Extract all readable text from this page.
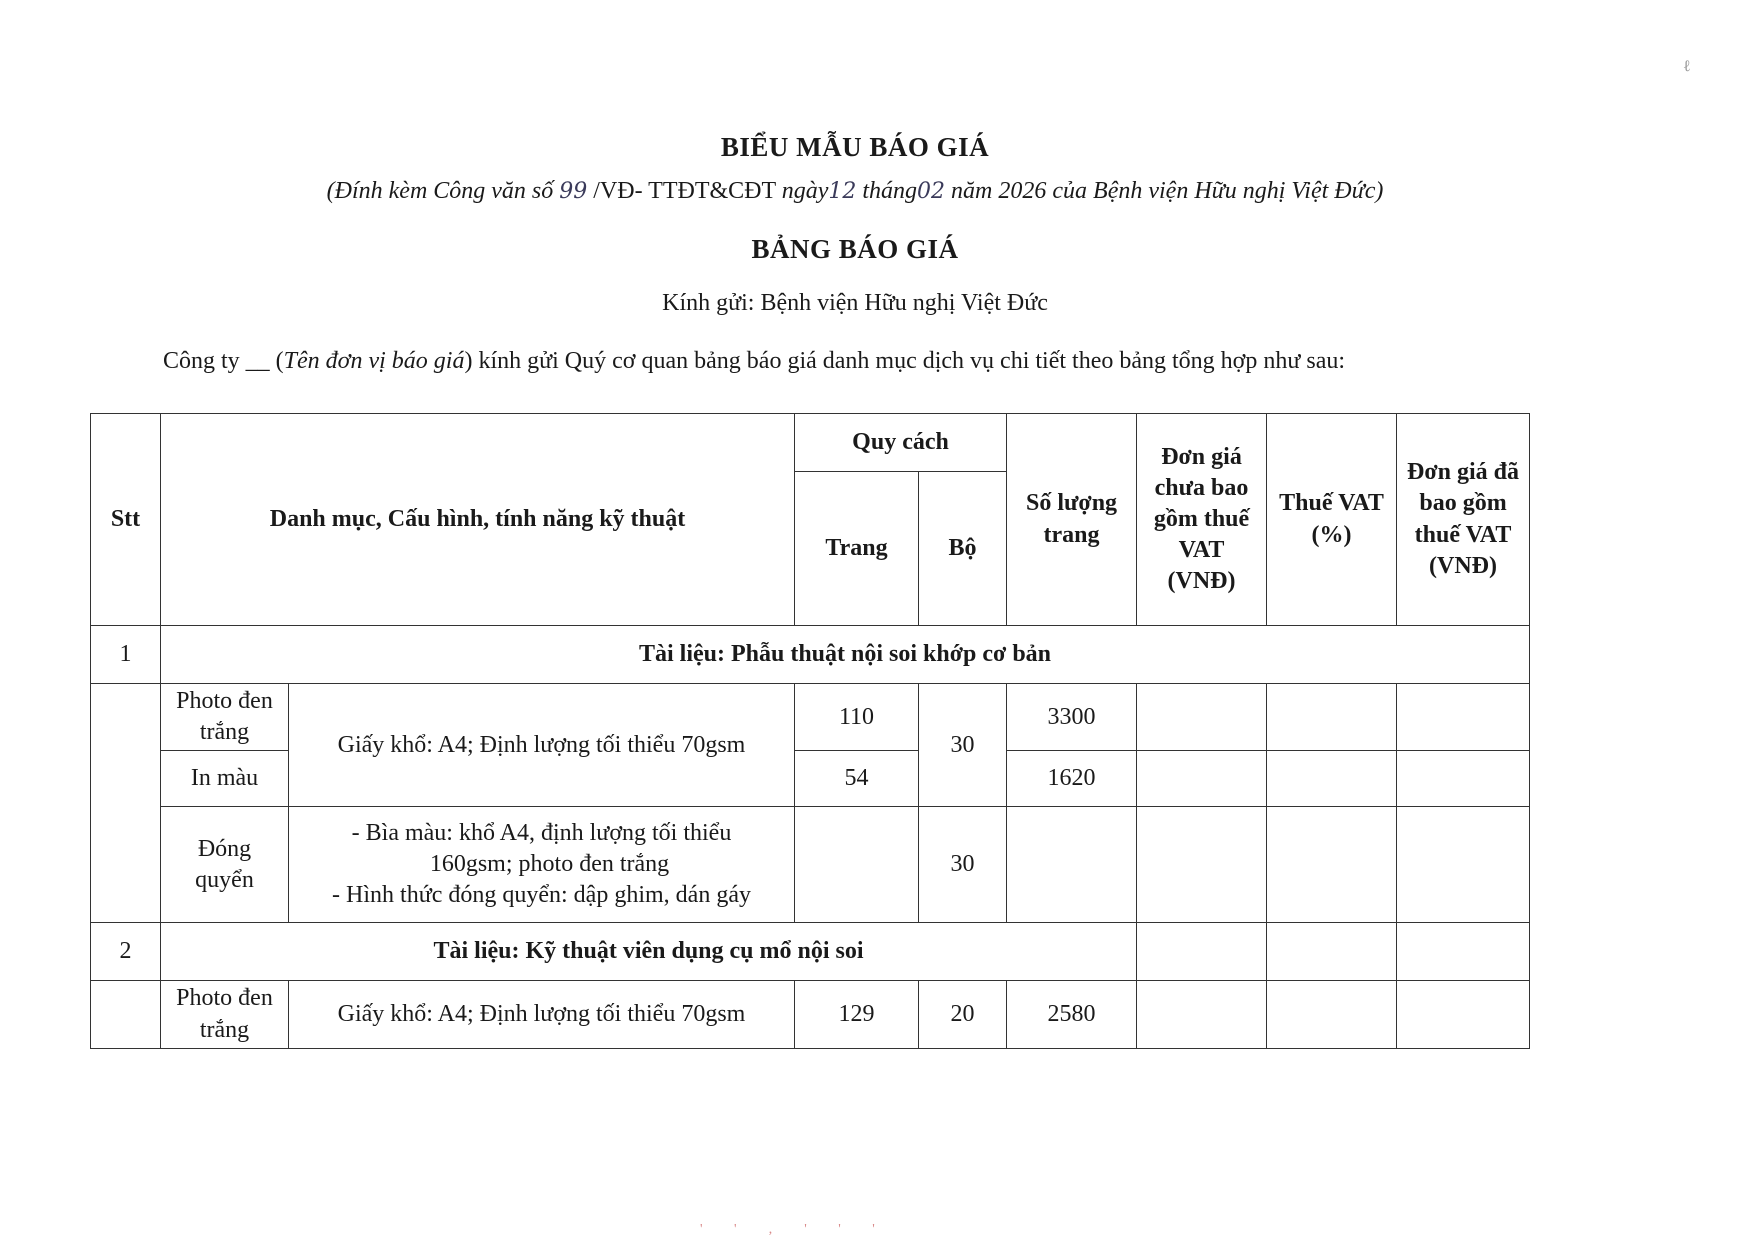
ℓ
BIỂU MẪU BÁO GIÁ
(Đính kèm Công văn số 99 /VĐ- TTĐT&CĐT ngày12 tháng02 năm 2026 của Bệnh viện Hữu nghị Việt Đức)
BẢNG BÁO GIÁ
Kính gửi: Bệnh viện Hữu nghị Việt Đức
Công ty __ (Tên đơn vị báo giá) kính gửi Quý cơ quan bảng báo giá danh mục dịch vụ chi tiết theo bảng tổng hợp như sau:
Stt	Danh mục, Cấu hình, tính năng kỹ thuật		Quy cách		Số lượng trang	Đơn giá chưa bao gồm thuế VAT (VNĐ)	Thuế VAT (%)	Đơn giá đã bao gồm thuế VAT (VNĐ)
			Trang	Bộ				
1	Tài liệu: Phẫu thuật nội soi khớp cơ bản							
	Photo đen trắng	Giấy khổ: A4; Định lượng tối thiểu 70gsm	110	30	3300			
	In màu		54		1620			
	Đóng quyển	- Bìa màu: khổ A4, định lượng tối thiểu
160gsm; photo đen trắng
- Hình thức đóng quyển: dập ghim, dán gáy		30				
2	Tài liệu: Kỹ thuật viên dụng cụ mổ nội soi							
	Photo đen trắng	Giấy khổ: A4; Định lượng tối thiểu 70gsm	129	20	2580			
' ' ‚ ' ' '
